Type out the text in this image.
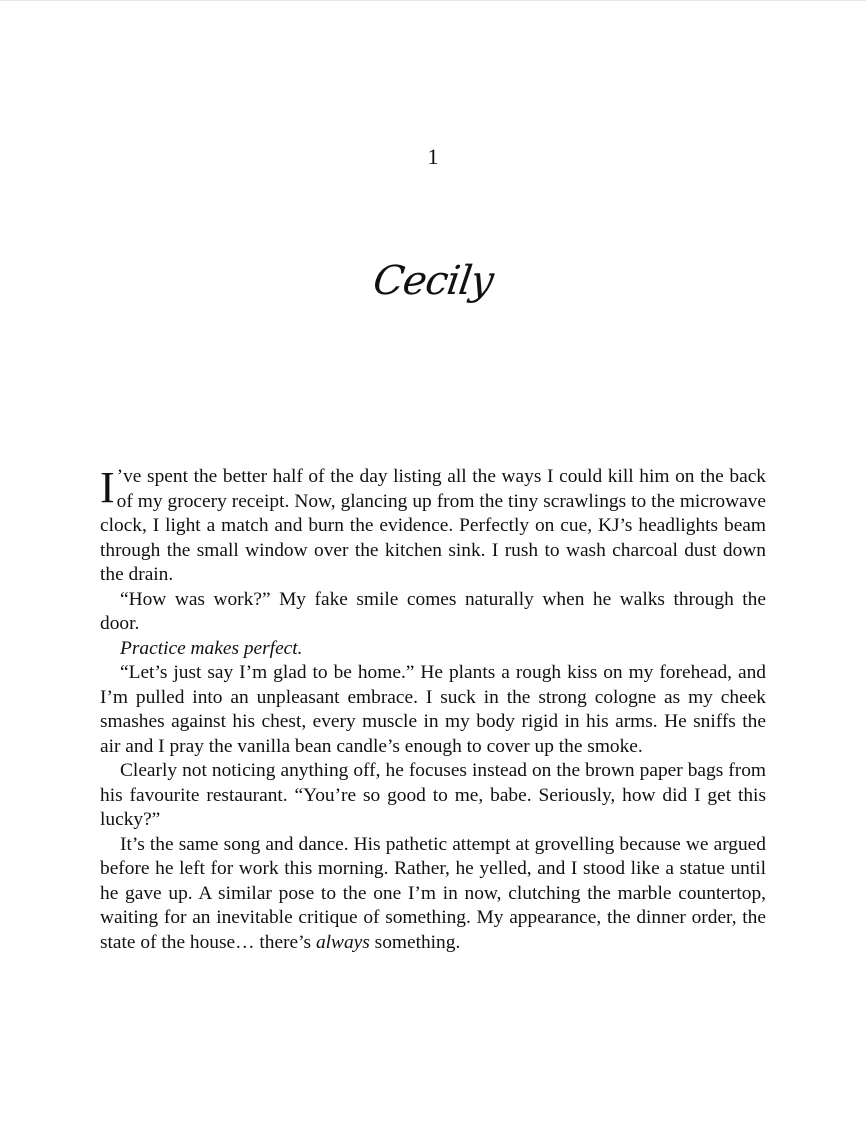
1
Cecily

I ’ve spent the better half of the day listing all the ways I could kill him on the back of my grocery receipt. Now, glancing up from the tiny scrawlings to the microwave clock, I light a match and burn the evidence. Perfectly on cue, KJ’s headlights beam through the small window over the kitchen sink. I rush to wash charcoal dust down the drain.

“How was work?” My fake smile comes naturally when he walks through the door.

Practice makes perfect.

“Let’s just say I’m glad to be home.” He plants a rough kiss on my forehead, and I’m pulled into an unpleasant embrace. I suck in the strong cologne as my cheek smashes against his chest, every muscle in my body rigid in his arms. He sniffs the air and I pray the vanilla bean candle’s enough to cover up the smoke.

Clearly not noticing anything off, he focuses instead on the brown paper bags from his favourite restaurant. “You’re so good to me, babe. Seriously, how did I get this lucky?”

It’s the same song and dance. His pathetic attempt at grovelling because we argued before he left for work this morning. Rather, he yelled, and I stood like a statue until he gave up. A similar pose to the one I’m in now, clutching the marble countertop, waiting for an inevitable critique of something. My appearance, the dinner order, the state of the house… there’s always something.
